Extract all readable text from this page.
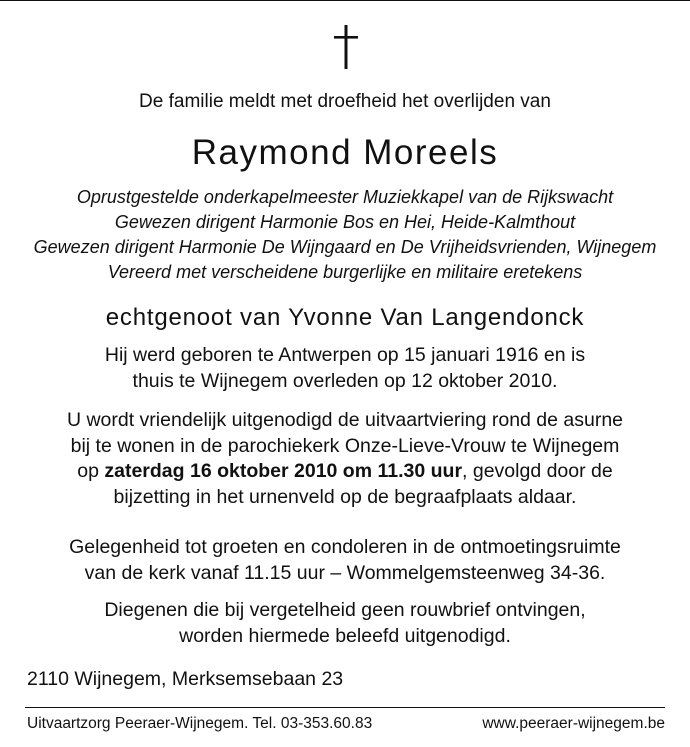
De familie meldt met droefheid het overlijden van
Raymond Moreels
Oprustgestelde onderkapelmeester Muziekkapel van de Rijkswacht
Gewezen dirigent Harmonie Bos en Hei, Heide-Kalmthout
Gewezen dirigent Harmonie De Wijngaard en De Vrijheidsvrienden, Wijnegem
Vereerd met verscheidene burgerlijke en militaire eretekens
echtgenoot van Yvonne Van Langendonck
Hij werd geboren te Antwerpen op 15 januari 1916 en is
thuis te Wijnegem overleden op 12 oktober 2010.
U wordt vriendelijk uitgenodigd de uitvaartviering rond de asurne
bij te wonen in de parochiekerk Onze-Lieve-Vrouw te Wijnegem
op zaterdag 16 oktober 2010 om 11.30 uur, gevolgd door de
bijzetting in het urnenveld op de begraafplaats aldaar.
Gelegenheid tot groeten en condoleren in de ontmoetingsruimte
van de kerk vanaf 11.15 uur – Wommelgemsteenweg 34-36.
Diegenen die bij vergetelheid geen rouwbrief ontvingen,
worden hiermede beleefd uitgenodigd.
2110 Wijnegem, Merksemsebaan 23
Uitvaartzorg Peeraer-Wijnegem. Tel. 03-353.60.83	www.peeraer-wijnegem.be
